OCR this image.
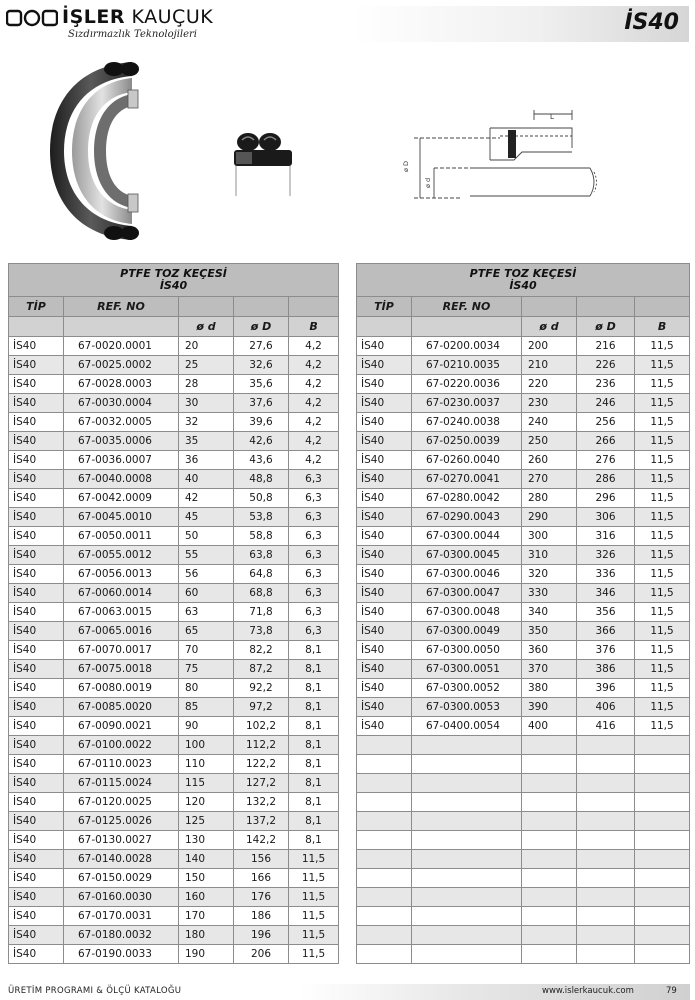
İŞLER KAUÇUK
Sızdırmazlık Teknolojileri	İS40
L
ø D
ø d
PTFE TOZ KEÇESİ
İS40				
TİP	REF. NO			
		ø d	ø D	B
İS40	67-0020.0001	20	27,6	4,2
İS40	67-0025.0002	25	32,6	4,2
İS40	67-0028.0003	28	35,6	4,2
İS40	67-0030.0004	30	37,6	4,2
İS40	67-0032.0005	32	39,6	4,2
İS40	67-0035.0006	35	42,6	4,2
İS40	67-0036.0007	36	43,6	4,2
İS40	67-0040.0008	40	48,8	6,3
İS40	67-0042.0009	42	50,8	6,3
İS40	67-0045.0010	45	53,8	6,3
İS40	67-0050.0011	50	58,8	6,3
İS40	67-0055.0012	55	63,8	6,3
İS40	67-0056.0013	56	64,8	6,3
İS40	67-0060.0014	60	68,8	6,3
İS40	67-0063.0015	63	71,8	6,3
İS40	67-0065.0016	65	73,8	6,3
İS40	67-0070.0017	70	82,2	8,1
İS40	67-0075.0018	75	87,2	8,1
İS40	67-0080.0019	80	92,2	8,1
İS40	67-0085.0020	85	97,2	8,1
İS40	67-0090.0021	90	102,2	8,1
İS40	67-0100.0022	100	112,2	8,1
İS40	67-0110.0023	110	122,2	8,1
İS40	67-0115.0024	115	127,2	8,1
İS40	67-0120.0025	120	132,2	8,1
İS40	67-0125.0026	125	137,2	8,1
İS40	67-0130.0027	130	142,2	8,1
İS40	67-0140.0028	140	156	11,5
İS40	67-0150.0029	150	166	11,5
İS40	67-0160.0030	160	176	11,5
İS40	67-0170.0031	170	186	11,5
İS40	67-0180.0032	180	196	11,5
İS40	67-0190.0033	190	206	11,5
PTFE TOZ KEÇESİ
İS40				
TİP	REF. NO			
		ø d	ø D	B
İS40	67-0200.0034	200	216	11,5
İS40	67-0210.0035	210	226	11,5
İS40	67-0220.0036	220	236	11,5
İS40	67-0230.0037	230	246	11,5
İS40	67-0240.0038	240	256	11,5
İS40	67-0250.0039	250	266	11,5
İS40	67-0260.0040	260	276	11,5
İS40	67-0270.0041	270	286	11,5
İS40	67-0280.0042	280	296	11,5
İS40	67-0290.0043	290	306	11,5
İS40	67-0300.0044	300	316	11,5
İS40	67-0300.0045	310	326	11,5
İS40	67-0300.0046	320	336	11,5
İS40	67-0300.0047	330	346	11,5
İS40	67-0300.0048	340	356	11,5
İS40	67-0300.0049	350	366	11,5
İS40	67-0300.0050	360	376	11,5
İS40	67-0300.0051	370	386	11,5
İS40	67-0300.0052	380	396	11,5
İS40	67-0300.0053	390	406	11,5
İS40	67-0400.0054	400	416	11,5

ÜRETİM PROGRAMI & ÖLÇÜ KATALOĞU	www.islerkaucuk.com	79
